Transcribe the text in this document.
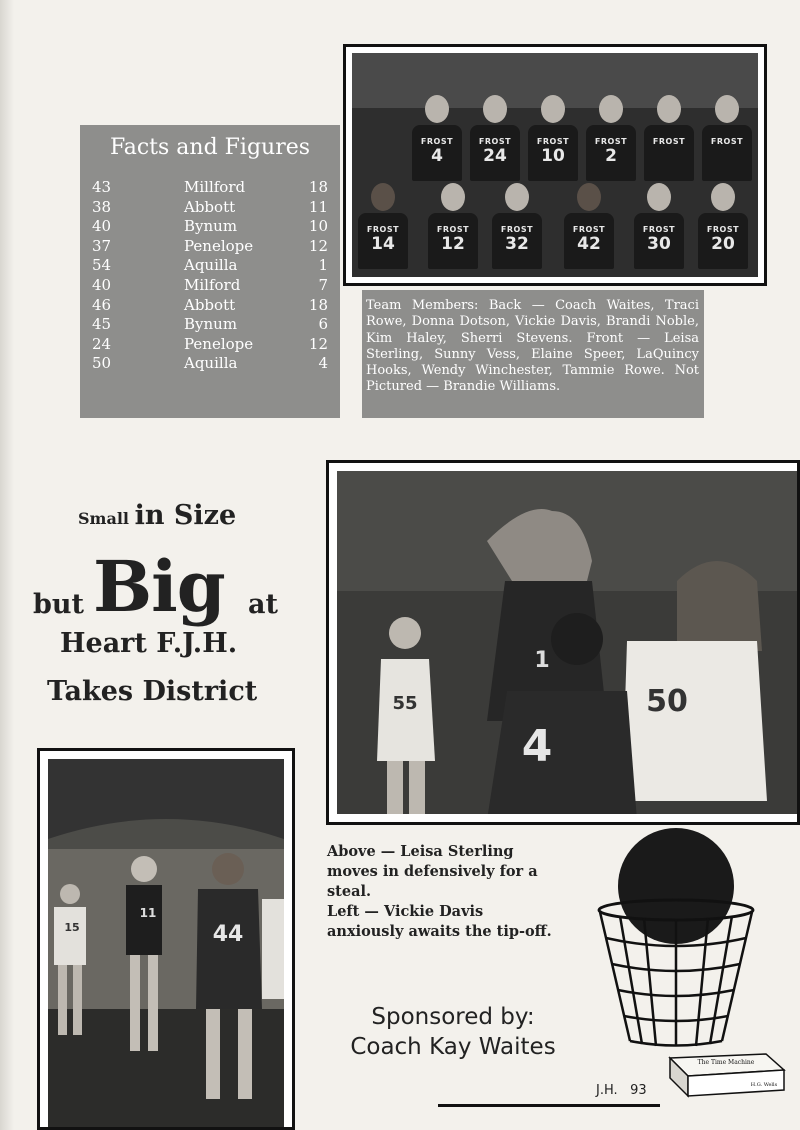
Facts and Figures
43	Millford	18
38	Abbott	11
40	Bynum	10
37	Penelope	12
54	Aquilla	1
40	Milford	7
46	Abbott	18
45	Bynum	6
24	Penelope	12
50	Aquilla	4
FROST
4
FROST
24
FROST
10
FROST
2
FROST	FROST
FROST
14
FROST
12
FROST
32
FROST
42
FROST
30
FROST
20
Team Members: Back — Coach Waites, Traci Rowe, Donna Dotson, Vickie Davis, Brandi Noble, Kim Haley, Sherri Stevens. Front — Leisa Sterling, Sunny Vess, Elaine Speer, LaQuincy Hooks, Wendy Winchester, Tammie Rowe. Not Pictured — Brandie Williams.
Small in Size
but Big at
Heart F.J.H.
Takes District	55
1
50
4
15
11
44
Above — Leisa Sterling moves in defensively for a steal.
Left — Vickie Davis anxiously awaits the tip-off.
Sponsored by:
Coach Kay Waites
J.H. 93
The Time Machine
H.G. Wells
